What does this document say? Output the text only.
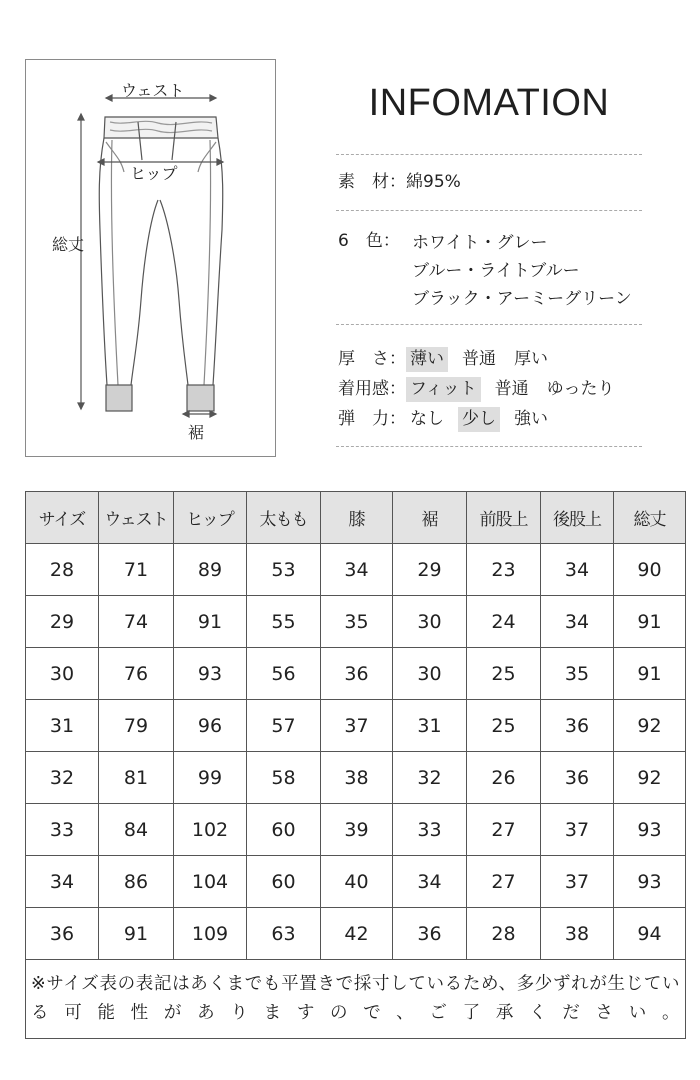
ウェスト
ヒップ
総丈
裾
INFOMATION
素　材：綿95%
6　色： ホワイト・グレー
ブルー・ライトブルー
ブラック・アーミーグリーン
厚　さ： 薄い 普通 厚い
着用感： フィット 普通 ゆったり
弾　力： なし 少し 強い
サイズ	ウェスト	ヒップ	太もも	膝	裾	前股上	後股上	総丈
28	71	89	53	34	29	23	34	90
29	74	91	55	35	30	24	34	91
30	76	93	56	36	30	25	35	91
31	79	96	57	37	31	25	36	92
32	81	99	58	38	32	26	36	92
33	84	102	60	39	33	27	37	93
34	86	104	60	40	34	27	37	93
36	91	109	63	42	36	28	38	94
※サイズ表の表記はあくまでも平置きで採寸しているため、多少ずれが生じている可能性がありますので、ご了承ください。								
